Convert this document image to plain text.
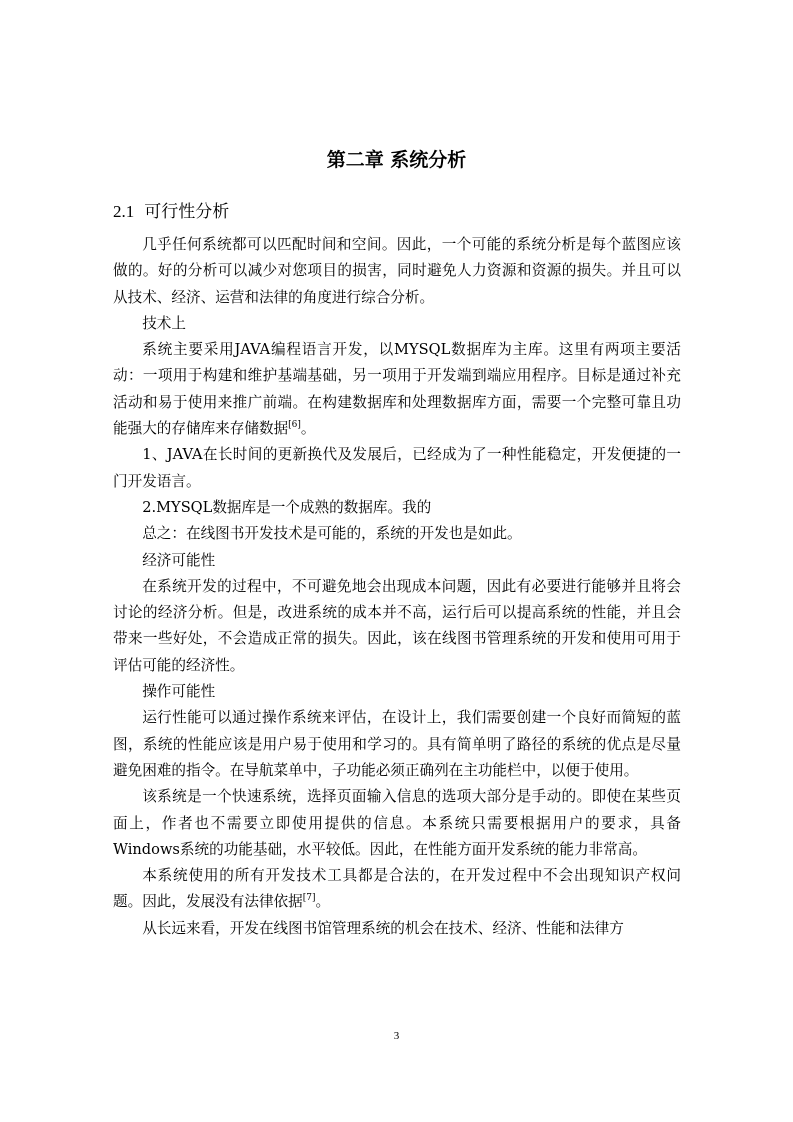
第二章 系统分析
2.1 可行性分析

几乎任何系统都可以匹配时间和空间。因此，一个可能的系统分析是每个蓝图应该做的。好的分析可以减少对您项目的损害，同时避免人力资源和资源的损失。并且可以从技术、经济、运营和法律的角度进行综合分析。

技术上

系统主要采用JAVA编程语言开发，以MYSQL数据库为主库。这里有两项主要活动：一项用于构建和维护基端基础，另一项用于开发端到端应用程序。目标是通过补充活动和易于使用来推广前端。在构建数据库和处理数据库方面，需要一个完整可靠且功能强大的存储库来存储数据[6]。

1、JAVA在长时间的更新换代及发展后，已经成为了一种性能稳定，开发便捷的一门开发语言。

2.MYSQL数据库是一个成熟的数据库。我的

总之：在线图书开发技术是可能的，系统的开发也是如此。

经济可能性

在系统开发的过程中，不可避免地会出现成本问题，因此有必要进行能够并且将会讨论的经济分析。但是，改进系统的成本并不高，运行后可以提高系统的性能，并且会带来一些好处，不会造成正常的损失。因此，该在线图书管理系统的开发和使用可用于评估可能的经济性。

操作可能性

运行性能可以通过操作系统来评估，在设计上，我们需要创建一个良好而简短的蓝图，系统的性能应该是用户易于使用和学习的。具有简单明了路径的系统的优点是尽量避免困难的指令。在导航菜单中，子功能必须正确列在主功能栏中，以便于使用。

该系统是一个快速系统，选择页面输入信息的选项大部分是手动的。即使在某些页面上，作者也不需要立即使用提供的信息。本系统只需要根据用户的要求，具备Windows系统的功能基础，水平较低。因此，在性能方面开发系统的能力非常高。

本系统使用的所有开发技术工具都是合法的，在开发过程中不会出现知识产权问题。因此，发展没有法律依据[7]。

从长远来看，开发在线图书馆管理系统的机会在技术、经济、性能和法律方

3
